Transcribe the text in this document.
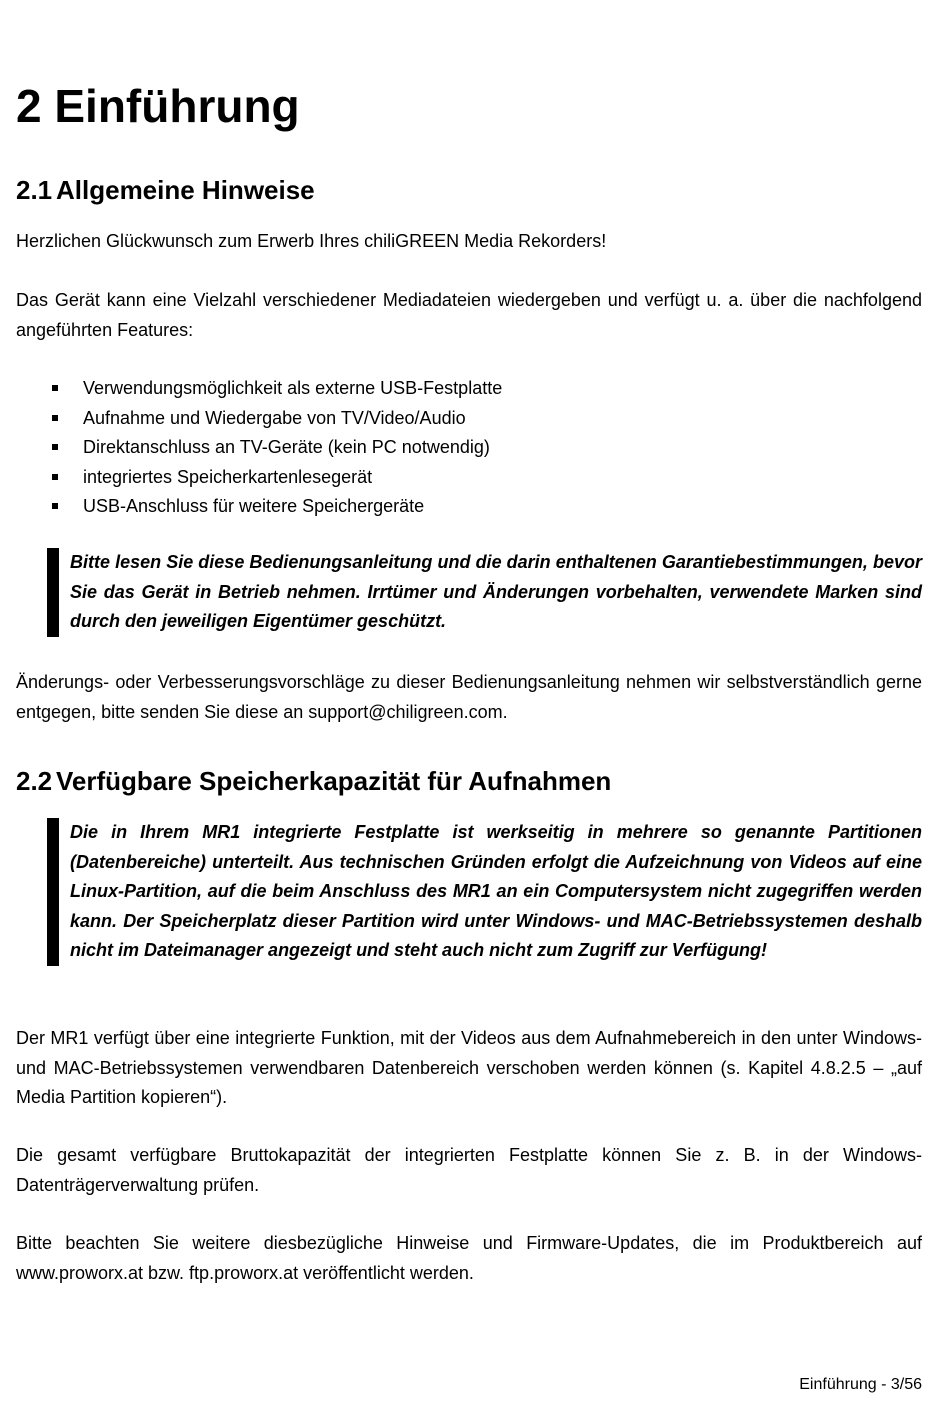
2 Einführung
2.1 Allgemeine Hinweise

Herzlichen Glückwunsch zum Erwerb Ihres chiliGREEN Media Rekorders!

Das Gerät kann eine Vielzahl verschiedener Mediadateien wiedergeben und verfügt u. a. über die nachfolgend angeführten Features:

Verwendungsmöglichkeit als externe USB-Festplatte
Aufnahme und Wiedergabe von TV/Video/Audio
Direktanschluss an TV-Geräte (kein PC notwendig)
integriertes Speicherkartenlesegerät
USB-Anschluss für weitere Speichergeräte

Bitte lesen Sie diese Bedienungsanleitung und die darin enthaltenen Garantiebestimmungen, bevor Sie das Gerät in Betrieb nehmen. Irrtümer und Änderungen vorbehalten, verwendete Marken sind durch den jeweiligen Eigentümer geschützt.

Änderungs- oder Verbesserungsvorschläge zu dieser Bedienungsanleitung nehmen wir selbstverständlich gerne entgegen, bitte senden Sie diese an support@chiligreen.com.

2.2 Verfügbare Speicherkapazität für Aufnahmen

Die in Ihrem MR1 integrierte Festplatte ist werkseitig in mehrere so genannte Partitionen (Datenbereiche) unterteilt. Aus technischen Gründen erfolgt die Aufzeichnung von Videos auf eine Linux-Partition, auf die beim Anschluss des MR1 an ein Computersystem nicht zugegriffen werden kann. Der Speicherplatz dieser Partition wird unter Windows- und MAC-Betriebssystemen deshalb nicht im Dateimanager angezeigt und steht auch nicht zum Zugriff zur Verfügung!

Der MR1 verfügt über eine integrierte Funktion, mit der Videos aus dem Aufnahmebereich in den unter Windows- und MAC-Betriebssystemen verwendbaren Datenbereich verschoben werden können (s. Kapitel 4.8.2.5 – „auf Media Partition kopieren“).

Die gesamt verfügbare Bruttokapazität der integrierten Festplatte können Sie z. B. in der Windows-Datenträgerverwaltung prüfen.

Bitte beachten Sie weitere diesbezügliche Hinweise und Firmware-Updates, die im Produktbereich auf www.proworx.at bzw. ftp.proworx.at veröffentlicht werden.

Einführung - 3/56
